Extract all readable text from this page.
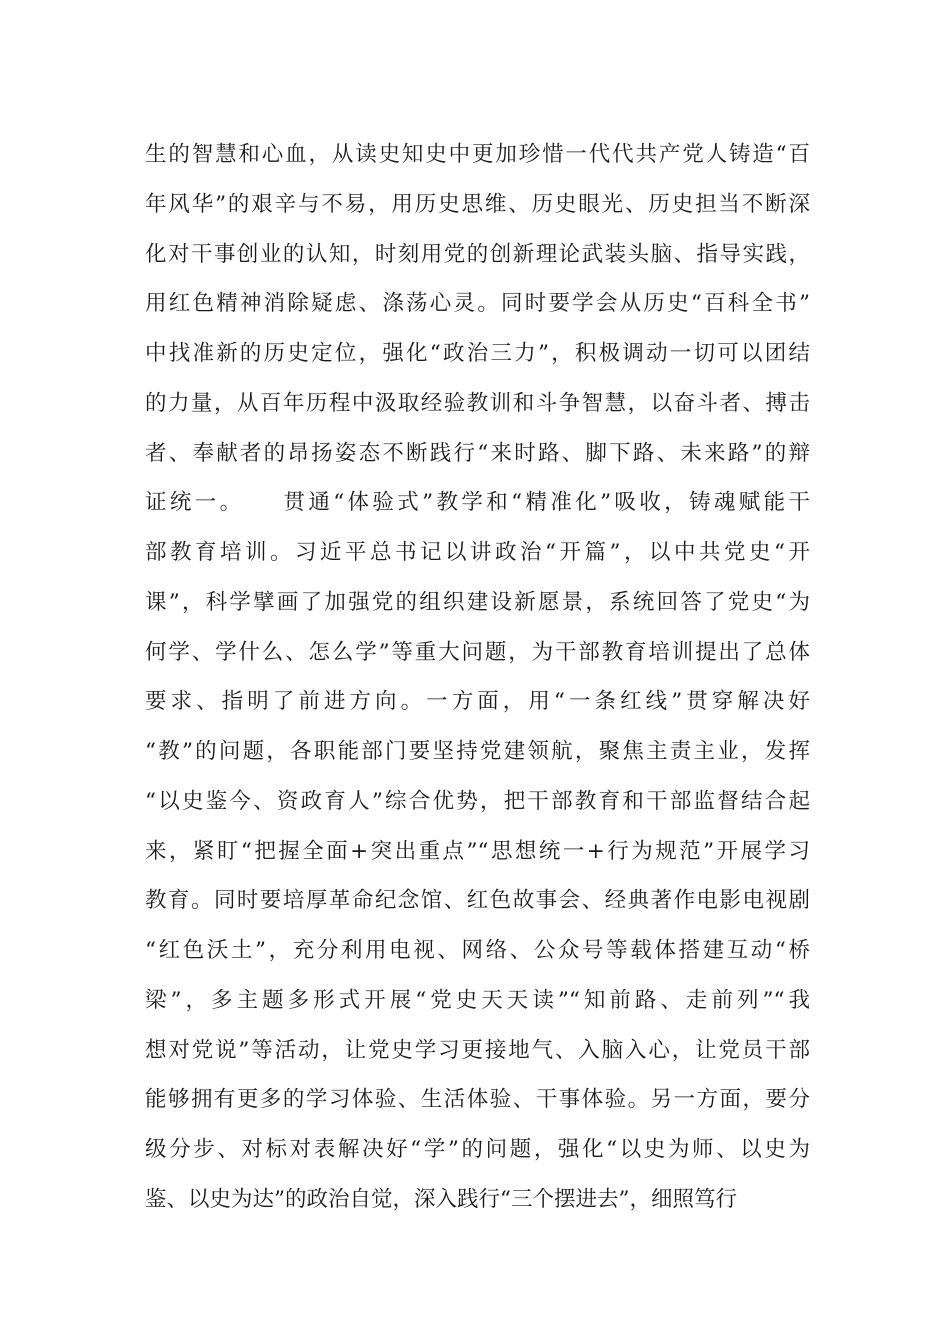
生的智慧和心血，从读史知史中更加珍惜一代代共产党人铸造“百
年风华”的艰辛与不易，用历史思维、历史眼光、历史担当不断深
化对干事创业的认知，时刻用党的创新理论武装头脑、指导实践，
用红色精神消除疑虑、涤荡心灵。同时要学会从历史“百科全书”
中找准新的历史定位，强化“政治三力”，积极调动一切可以团结
的力量，从百年历程中汲取经验教训和斗争智慧，以奋斗者、搏击
者、奉献者的昂扬姿态不断践行“来时路、脚下路、未来路”的辩
证统一。　　贯通“体验式”教学和“精准化”吸收，铸魂赋能干
部教育培训。习近平总书记以讲政治“开篇”，以中共党史“开
课”，科学擘画了加强党的组织建设新愿景，系统回答了党史“为
何学、学什么、怎么学”等重大问题，为干部教育培训提出了总体
要求、指明了前进方向。一方面，用“一条红线”贯穿解决好
“教”的问题，各职能部门要坚持党建领航，聚焦主责主业，发挥
“以史鉴今、资政育人”综合优势，把干部教育和干部监督结合起
来，紧盯“把握全面+突出重点”“思想统一+行为规范”开展学习
教育。同时要培厚革命纪念馆、红色故事会、经典著作电影电视剧
“红色沃土”，充分利用电视、网络、公众号等载体搭建互动“桥
梁”，多主题多形式开展“党史天天读”“知前路、走前列”“我
想对党说”等活动，让党史学习更接地气、入脑入心，让党员干部
能够拥有更多的学习体验、生活体验、干事体验。另一方面，要分
级分步、对标对表解决好“学”的问题，强化“以史为师、以史为
鉴、以史为达”的政治自觉，深入践行“三个摆进去”，细照笃行
